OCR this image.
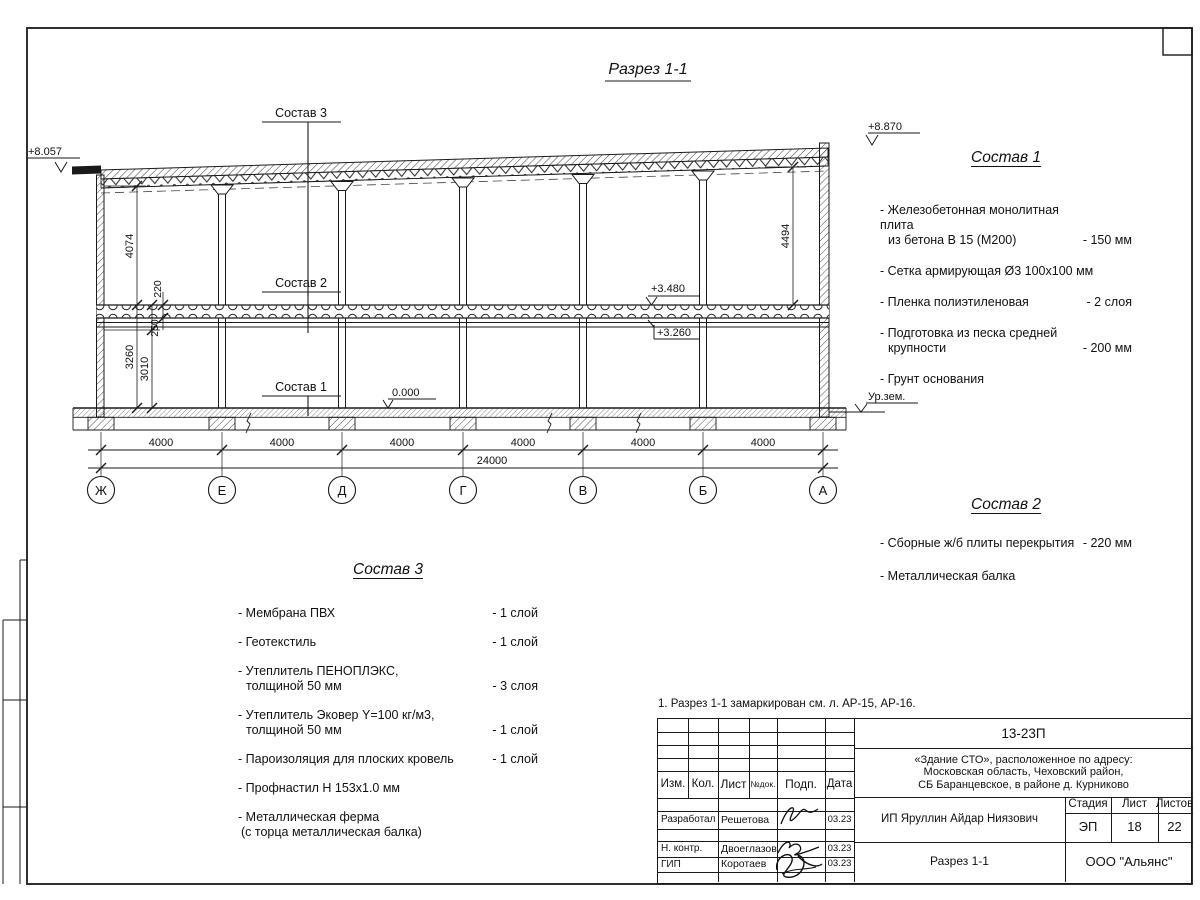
Разрез 1-1
4000	4000	4000	4000	4000	4000
24000
Ж	Е	Д	Г	В	Б	А
4074
3260 3010
250
220
4494
+8.057
+8.870
+3.480
+3.260
0.000	Ур.зем.
Состав 3
Состав 2
Состав 1
Состав 1
- Железобетонная монолитная плита
из бетона В 15 (М200)	- 150 мм
- Сетка армирующая Ø3 100х100 мм
- Пленка полиэтиленовая	- 2 слоя
- Подготовка из песка средней
крупности	- 200 мм
- Грунт основания
Состав 2
- Сборные ж/б плиты перекрытия - 220 мм
- Металлическая балка
Состав 3
- Мембрана ПВХ	- 1 слой
- Геотекстиль	- 1 слой
- Утеплитель ПЕНОПЛЭКС,
толщиной 50 мм	- 3 слоя
- Утеплитель Эковер Y=100 кг/м3,
толщиной 50 мм	- 1 слой
- Пароизоляция для плоских кровель	- 1 слой
- Профнастил Н 153х1.0 мм
- Металлическая ферма
(с торца металлическая балка)
1. Разрез 1-1 замаркирован см. л. АР-15, АР-16.
Изм. Кол. Лист №док. Подп. Дата
Разработал Решетова	03.23
Н. контр.	Двоеглазов	03.23
ГИП	Коротаев	03.23
13-23П
«Здание СТО», расположенное по адресу:
Московская область, Чеховский район,
СБ Баранцевское, в районе д. Курниково
ИП Яруллин Айдар Ниязович
Стадия	Лист Листов
ЭП	18	22
Разрез 1-1	ООО "Альянс"
